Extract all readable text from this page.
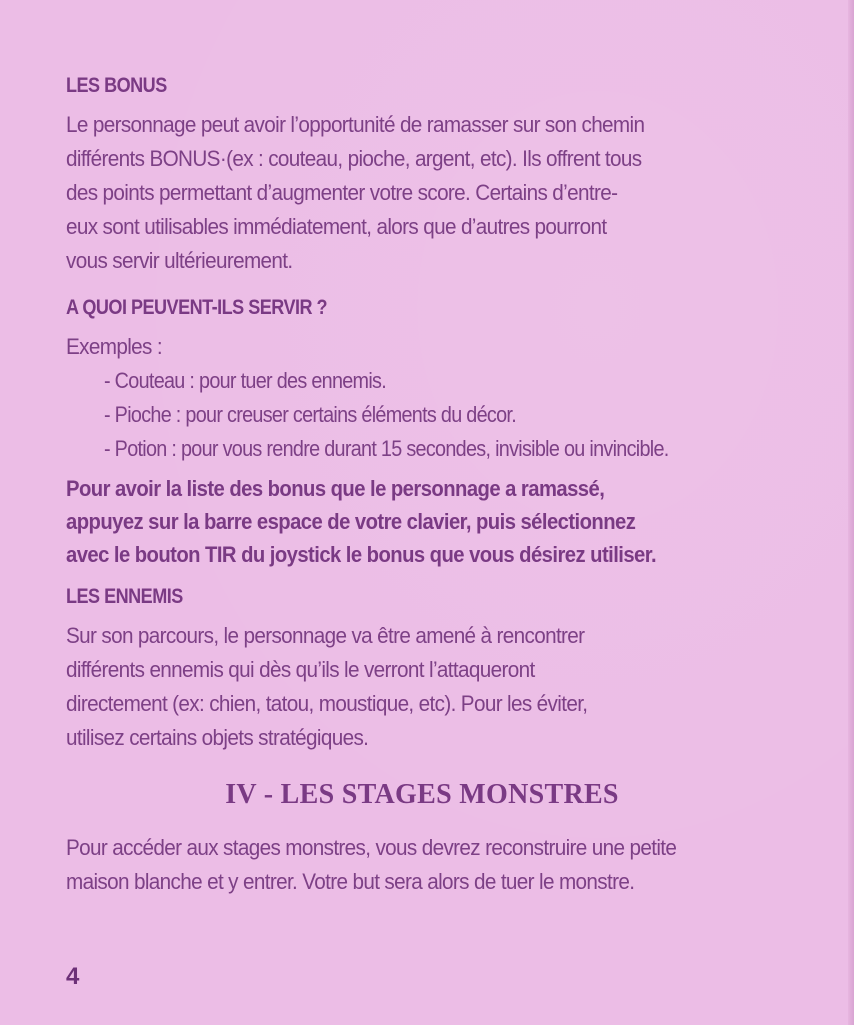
LES BONUS
Le personnage peut avoir l’opportunité de ramasser sur son chemin
différents BONUS·(ex : couteau, pioche, argent, etc). Ils offrent tous
des points permettant d’augmenter votre score. Certains d’entre-
eux sont utilisables immédiatement, alors que d’autres pourront
vous servir ultérieurement.
A QUOI PEUVENT-ILS SERVIR ?
Exemples :
- Couteau : pour tuer des ennemis.
- Pioche : pour creuser certains éléments du décor.
- Potion : pour vous rendre durant 15 secondes, invisible ou invincible.
Pour avoir la liste des bonus que le personnage a ramassé,
appuyez sur la barre espace de votre clavier, puis sélectionnez
avec le bouton TIR du joystick le bonus que vous désirez utiliser.
LES ENNEMIS
Sur son parcours, le personnage va être amené à rencontrer
différents ennemis qui dès qu’ils le verront l’attaqueront
directement (ex: chien, tatou, moustique, etc). Pour les éviter,
utilisez certains objets stratégiques.
IV - LES STAGES MONSTRES
Pour accéder aux stages monstres, vous devrez reconstruire une petite
maison blanche et y entrer. Votre but sera alors de tuer le monstre.
4
